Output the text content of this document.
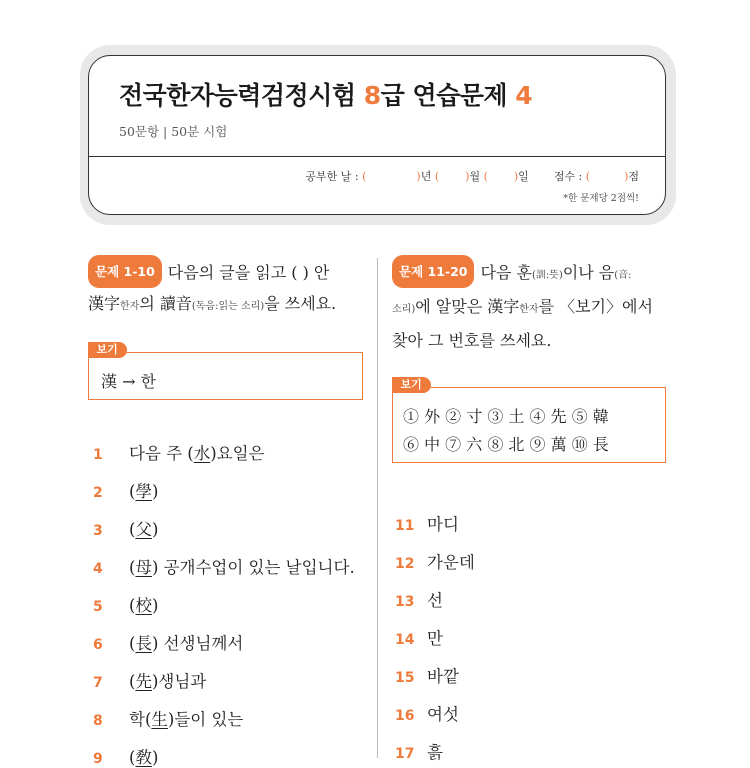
전국한자능력검정시험 8급 연습문제 4
50문항 | 50분 시험
공부한 날 : (	)년 ( )월 ( )일 점수 : (	)점
*한 문제당 2점씩!
문제 1-10 다음의 글을 읽고 ( ) 안
漢字한자의 讀音(독음:읽는 소리)을 쓰세요.
보기
漢 → 한
1 다음 주 (水)요일은
2 (學)
3 (父)
4 (母) 공개수업이 있는 날입니다.
5 (校)
6 (長) 선생님께서
7 (先)생님과
8 학(生)들이 있는
9 (敎)
문제 11-20 다음 훈(訓:뜻)이나 음(音:
소리)에 알맞은 漢字한자를 〈보기〉에서
찾아 그 번호를 쓰세요.
보기
① 外 ② 寸 ③ 土 ④ 先 ⑤ 韓
⑥ 中 ⑦ 六 ⑧ 北 ⑨ 萬 ⑩ 長
11 마디
12 가운데
13 선
14 만
15 바깥
16 여섯
17 흙
